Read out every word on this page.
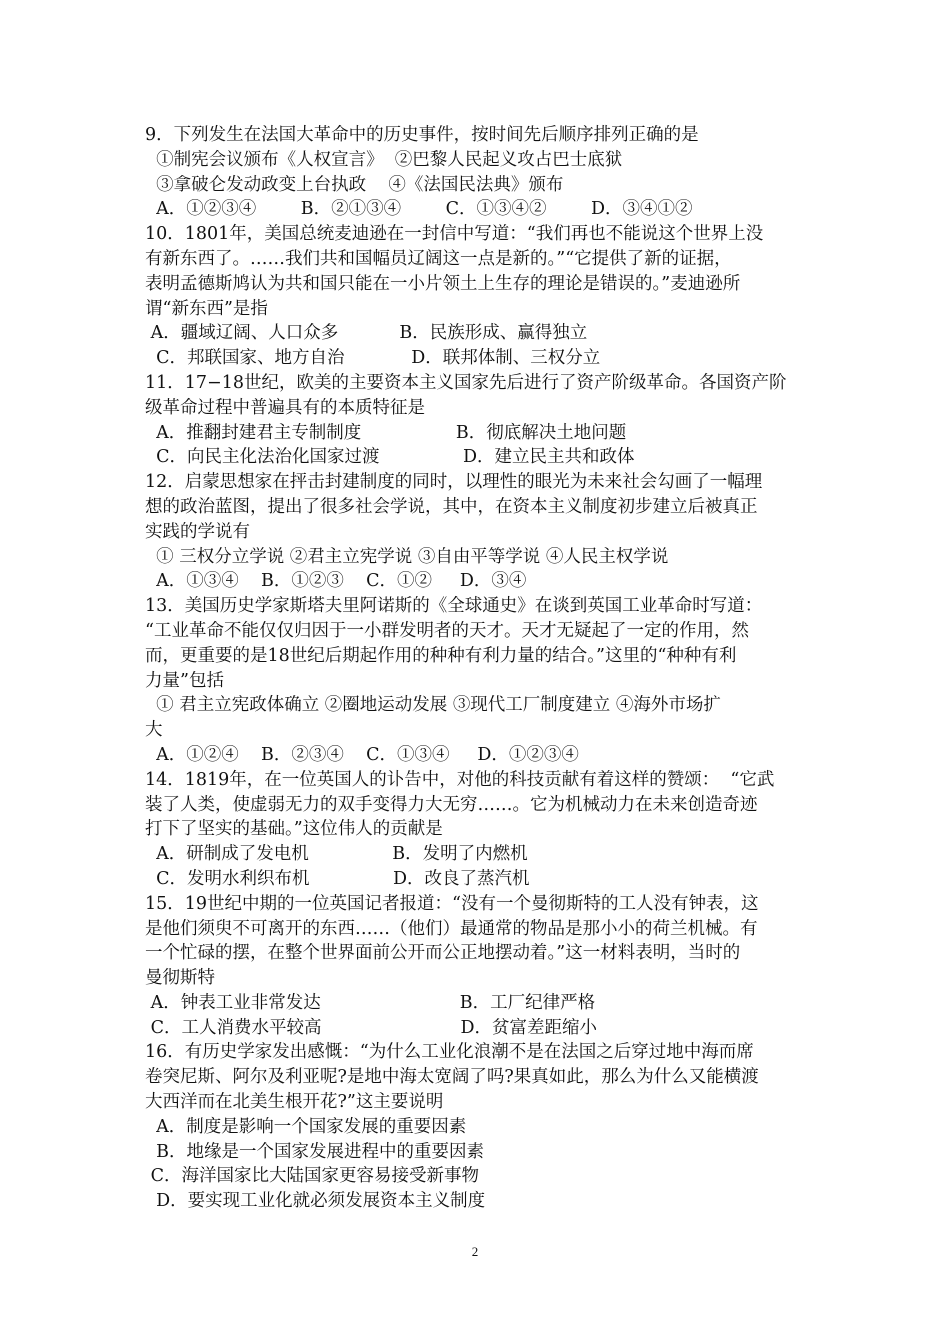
9．下列发生在法国大革命中的历史事件，按时间先后顺序排列正确的是
①制宪会议颁布《人权宣言》  ②巴黎人民起义攻占巴士底狱
③拿破仑发动政变上台执政    ④《法国民法典》颁布
A．①②③④        B．②①③④        C．①③④②        D．③④①②
10．1801年，美国总统麦迪逊在一封信中写道：“我们再也不能说这个世界上没
有新东西了。……我们共和国幅员辽阔这一点是新的。”“它提供了新的证据，
表明孟德斯鸠认为共和国只能在一小片领土上生存的理论是错误的。”麦迪逊所
谓“新东西”是指
A．疆域辽阔、人口众多           B．民族形成、赢得独立
C．邦联国家、地方自治            D．联邦体制、三权分立
11．17−18世纪，欧美的主要资本主义国家先后进行了资产阶级革命。各国资产阶
级革命过程中普遍具有的本质特征是
A．推翻封建君主专制制度                 B．彻底解决土地问题
C．向民主化法治化国家过渡               D．建立民主共和政体
12．启蒙思想家在抨击封建制度的同时，以理性的眼光为未来社会勾画了一幅理
想的政治蓝图，提出了很多社会学说，其中，在资本主义制度初步建立后被真正
实践的学说有
① 三权分立学说 ②君主立宪学说 ③自由平等学说 ④人民主权学说
A．①③④    B．①②③    C．①②     D．③④
13．美国历史学家斯塔夫里阿诺斯的《全球通史》在谈到英国工业革命时写道：
“工业革命不能仅仅归因于一小群发明者的天才。天才无疑起了一定的作用，然
而，更重要的是18世纪后期起作用的种种有利力量的结合。”这里的“种种有利
力量”包括
① 君主立宪政体确立 ②圈地运动发展 ③现代工厂制度建立 ④海外市场扩
大
A．①②④    B．②③④    C．①③④     D．①②③④
14．1819年，在一位英国人的讣告中，对他的科技贡献有着这样的赞颂：  “它武
装了人类，使虚弱无力的双手变得力大无穷……。它为机械动力在未来创造奇迹
打下了坚实的基础。”这位伟人的贡献是
A．研制成了发电机               B．发明了内燃机
C．发明水利织布机               D．改良了蒸汽机
15．19世纪中期的一位英国记者报道：“没有一个曼彻斯特的工人没有钟表，这
是他们须臾不可离开的东西……（他们）最通常的物品是那小小的荷兰机械。有
一个忙碌的摆，在整个世界面前公开而公正地摆动着。”这一材料表明，当时的
曼彻斯特
A．钟表工业非常发达                         B．工厂纪律严格
C．工人消费水平较高                         D．贫富差距缩小
16．有历史学家发出感慨：“为什么工业化浪潮不是在法国之后穿过地中海而席
卷突尼斯、阿尔及利亚呢?是地中海太宽阔了吗?果真如此，那么为什么又能横渡
大西洋而在北美生根开花?”这主要说明
A．制度是影响一个国家发展的重要因素
B．地缘是一个国家发展进程中的重要因素
C．海洋国家比大陆国家更容易接受新事物
D．要实现工业化就必须发展资本主义制度
2
